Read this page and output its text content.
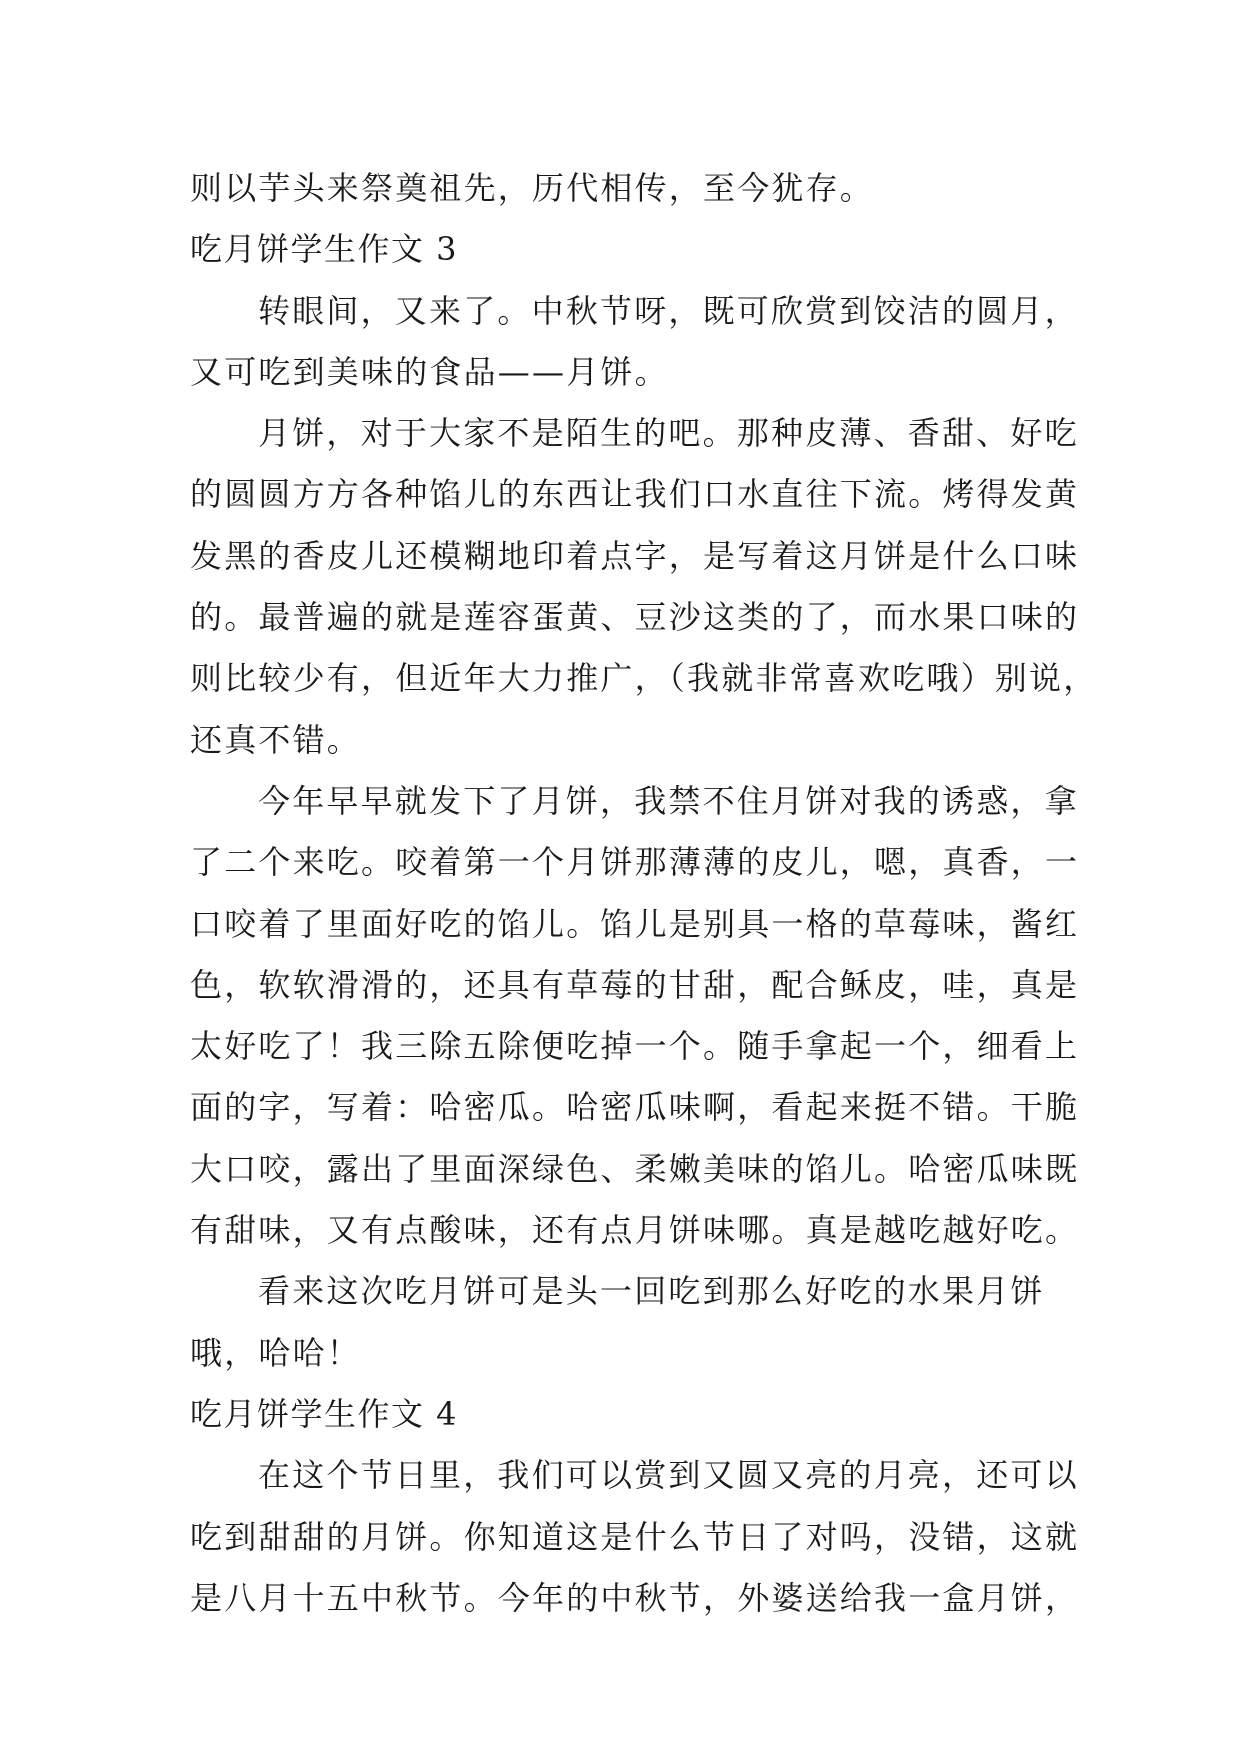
则以芋头来祭奠祖先，历代相传，至今犹存。
吃月饼学生作文 3
转眼间，又来了。中秋节呀，既可欣赏到饺洁的圆月，
又可吃到美味的食品——月饼。
月饼，对于大家不是陌生的吧。那种皮薄、香甜、好吃
的圆圆方方各种馅儿的东西让我们口水直往下流。烤得发黄
发黑的香皮儿还模糊地印着点字，是写着这月饼是什么口味
的。最普遍的就是莲容蛋黄、豆沙这类的了，而水果口味的
则比较少有，但近年大力推广，（我就非常喜欢吃哦）别说，
还真不错。
今年早早就发下了月饼，我禁不住月饼对我的诱惑，拿
了二个来吃。咬着第一个月饼那薄薄的皮儿，嗯，真香，一
口咬着了里面好吃的馅儿。馅儿是别具一格的草莓味，酱红
色，软软滑滑的，还具有草莓的甘甜，配合稣皮，哇，真是
太好吃了！我三除五除便吃掉一个。随手拿起一个，细看上
面的字，写着：哈密瓜。哈密瓜味啊，看起来挺不错。干脆
大口咬，露出了里面深绿色、柔嫩美味的馅儿。哈密瓜味既
有甜味，又有点酸味，还有点月饼味哪。真是越吃越好吃。
看来这次吃月饼可是头一回吃到那么好吃的水果月饼
哦，哈哈！
吃月饼学生作文 4
在这个节日里，我们可以赏到又圆又亮的月亮，还可以
吃到甜甜的月饼。你知道这是什么节日了对吗，没错，这就
是八月十五中秋节。今年的中秋节，外婆送给我一盒月饼，
